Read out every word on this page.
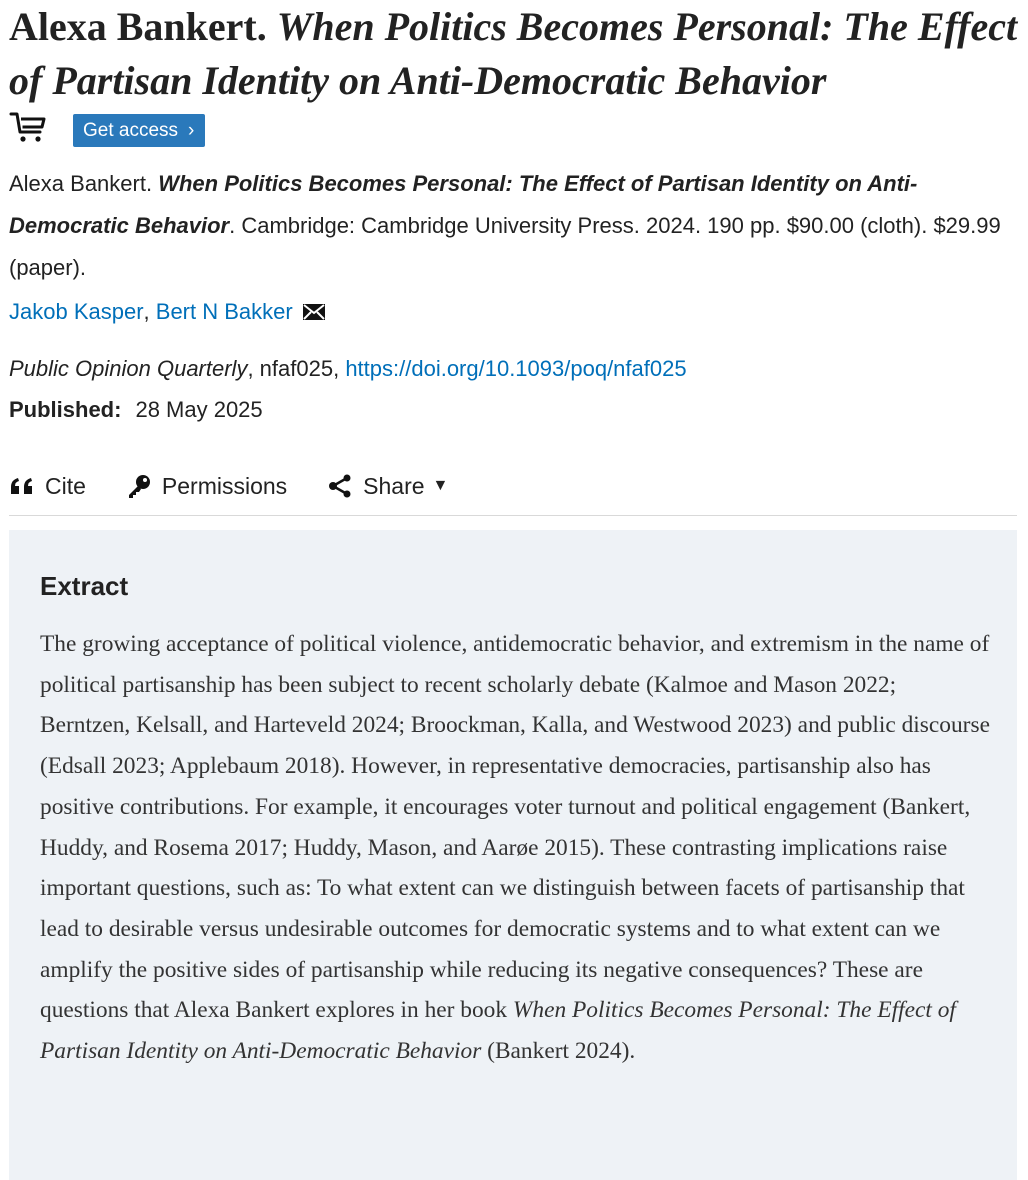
Alexa Bankert. When Politics Becomes Personal: The Effect of Partisan Identity on Anti-Democratic Behavior
Get access ›
Alexa Bankert. When Politics Becomes Personal: The Effect of Partisan Identity on Anti-Democratic Behavior. Cambridge: Cambridge University Press. 2024. 190 pp. $90.00 (cloth). $29.99 (paper).
Jakob Kasper , Bert N Bakker
Public Opinion Quarterly, nfaf025, https://doi.org/10.1093/poq/nfaf025
Published: 28 May 2025
Cite	Permissions	Share ▼
Extract

The growing acceptance of political violence, antidemocratic behavior, and extremism in the name of political partisanship has been subject to recent scholarly debate (Kalmoe and Mason 2022; Berntzen, Kelsall, and Harteveld 2024; Broockman, Kalla, and Westwood 2023) and public discourse (Edsall 2023; Applebaum 2018). However, in representative democracies, partisanship also has positive contributions. For example, it encourages voter turnout and political engagement (Bankert, Huddy, and Rosema 2017; Huddy, Mason, and Aarøe 2015). These contrasting implications raise important questions, such as: To what extent can we distinguish between facets of partisanship that lead to desirable versus undesirable outcomes for democratic systems and to what extent can we amplify the positive sides of partisanship while reducing its negative consequences? These are questions that Alexa Bankert explores in her book When Politics Becomes Personal: The Effect of Partisan Identity on Anti-Democratic Behavior (Bankert 2024).
